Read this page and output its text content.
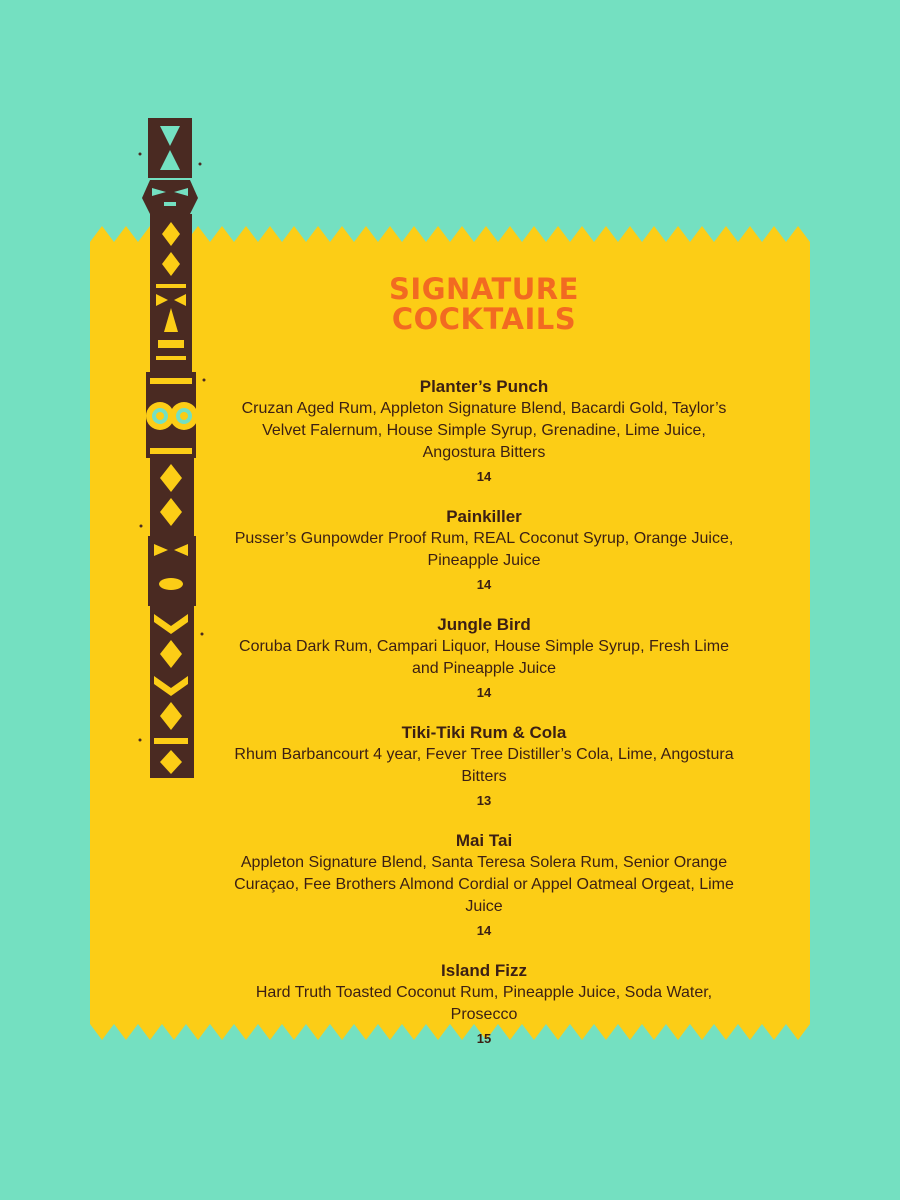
SIGNATURE
COCKTAILS
Planter’s Punch
Cruzan Aged Rum, Appleton Signature Blend, Bacardi Gold, Taylor’s Velvet Falernum, House Simple Syrup, Grenadine, Lime Juice, Angostura Bitters
14
Painkiller
Pusser’s Gunpowder Proof Rum, REAL Coconut Syrup, Orange Juice, Pineapple Juice
14
Jungle Bird
Coruba Dark Rum, Campari Liquor, House Simple Syrup, Fresh Lime and Pineapple Juice
14
Tiki-Tiki Rum & Cola
Rhum Barbancourt 4 year, Fever Tree Distiller’s Cola, Lime, Angostura Bitters
13
Mai Tai
Appleton Signature Blend, Santa Teresa Solera Rum, Senior Orange Curaçao, Fee Brothers Almond Cordial or Appel Oatmeal Orgeat, Lime Juice
14
Island Fizz
Hard Truth Toasted Coconut Rum, Pineapple Juice, Soda Water, Prosecco
15
